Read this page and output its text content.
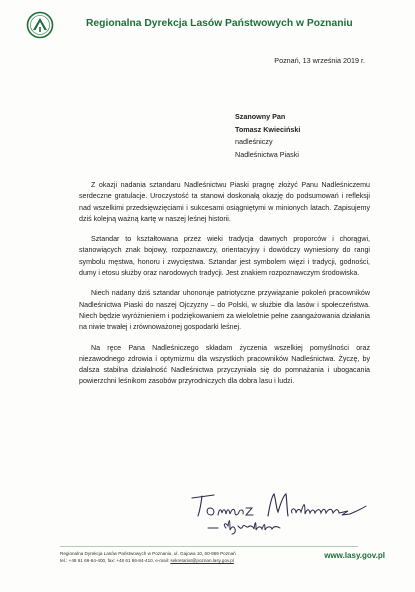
Regionalna Dyrekcja Lasów Państwowych w Poznaniu
Poznań, 13 września 2019 r.
Szanowny Pan
Tomasz Kwieciński
nadleśniczy
Nadleśnictwa Piaski

Z okazji nadania sztandaru Nadleśnictwu Piaski pragnę złożyć Panu Nadleśniczemu serdeczne gratulacje. Uroczystość ta stanowi doskonałą okazję do podsumowań i refleksji nad wszelkimi przedsięwzięciami i sukcesami osiągniętymi w minionych latach. Zapisujemy dziś kolejną ważną kartę w naszej leśnej historii.

Sztandar to kształtowana przez wieki tradycja dawnych proporców i chorągwi, stanowiących znak bojowy, rozpoznawczy, orientacyjny i dowódczy wyniesiony do rangi symbolu męstwa, honoru i zwycięstwa. Sztandar jest symbolem więzi i tradycji, godności, dumy i etosu służby oraz narodowych tradycji. Jest znakiem rozpoznawczym środowiska.

Niech nadany dziś sztandar uhonoruje patriotyczne przywiązanie pokoleń pracowników Nadleśnictwa Piaski do naszej Ojczyzny – do Polski, w służbie dla lasów i społeczeństwa. Niech będzie wyróżnieniem i podziękowaniem za wieloletnie pełne zaangażowania działania na niwie trwałej i zrównoważonej gospodarki leśnej.

Na ręce Pana Nadleśniczego składam życzenia wszelkiej pomyślności oraz niezawodnego zdrowia i optymizmu dla wszystkich pracowników Nadleśnictwa. Życzę, by dalsza stabilna działalność Nadleśnictwa przyczyniała się do pomnażania i ubogacania powierzchni leśnikom zasobów przyrodniczych dla dobra lasu i ludzi.

Regionalna Dyrekcja Lasów Państwowych w Poznaniu, ul. Gajowa 10, 60-959 Poznań
tel.: +48 61 66-84-400, fax: +48 61 66-84-410, e-mail: sekretariat@poznan.lasy.gov.pl
www.lasy.gov.pl
